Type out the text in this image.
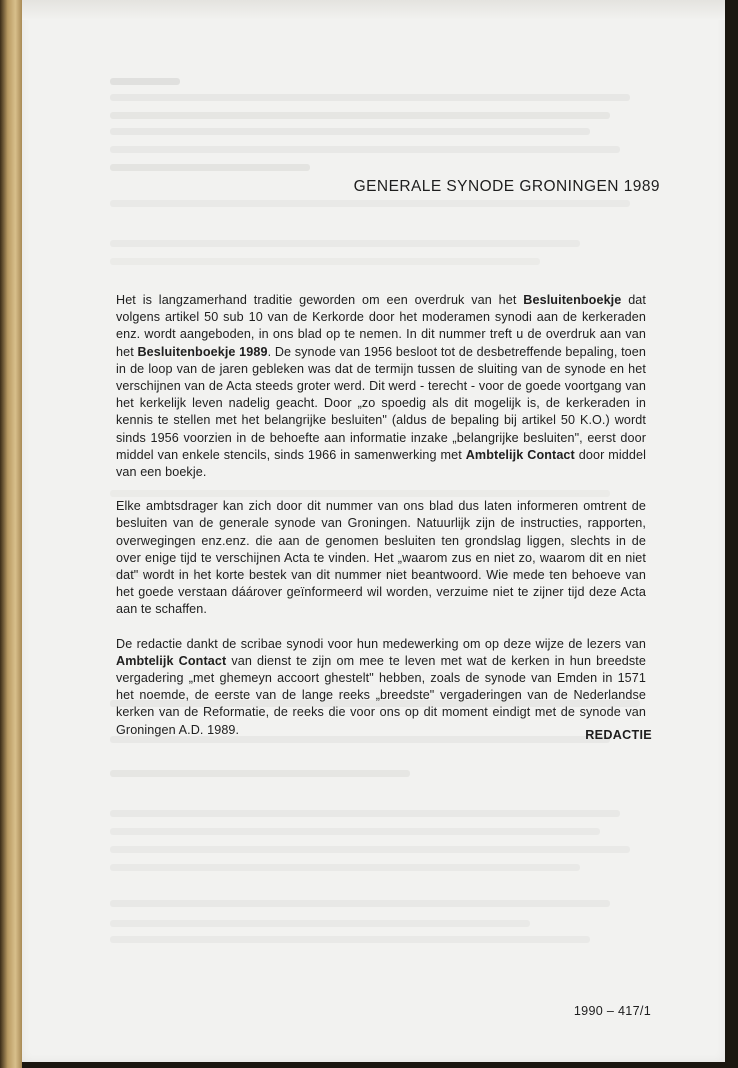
GENERALE SYNODE GRONINGEN 1989

Het is langzamerhand traditie geworden om een overdruk van het Besluitenboekje dat volgens artikel 50 sub 10 van de Kerkorde door het moderamen synodi aan de kerkeraden enz. wordt aangeboden, in ons blad op te nemen. In dit nummer treft u de overdruk aan van het Besluitenboekje 1989. De synode van 1956 besloot tot de desbetreffende bepaling, toen in de loop van de jaren gebleken was dat de termijn tussen de sluiting van de synode en het verschijnen van de Acta steeds groter werd. Dit werd - terecht - voor de goede voortgang van het kerkelijk leven nadelig geacht. Door „zo spoedig als dit mogelijk is, de kerkeraden in kennis te stellen met het belangrijke besluiten" (aldus de bepaling bij artikel 50 K.O.) wordt sinds 1956 voorzien in de behoefte aan informatie inzake „belangrijke besluiten", eerst door middel van enkele stencils, sinds 1966 in samenwerking met Ambtelijk Contact door middel van een boekje.

Elke ambtsdrager kan zich door dit nummer van ons blad dus laten informeren omtrent de besluiten van de generale synode van Groningen. Natuurlijk zijn de instructies, rapporten, overwegingen enz.enz. die aan de genomen besluiten ten grondslag liggen, slechts in de over enige tijd te verschijnen Acta te vinden. Het „waarom zus en niet zo, waarom dit en niet dat" wordt in het korte bestek van dit nummer niet beantwoord. Wie mede ten behoeve van het goede verstaan dáárover geïnformeerd wil worden, verzuime niet te zijner tijd deze Acta aan te schaffen.

De redactie dankt de scribae synodi voor hun medewerking om op deze wijze de lezers van Ambtelijk Contact van dienst te zijn om mee te leven met wat de kerken in hun breedste vergadering „met ghemeyn accoort ghestelt" hebben, zoals de synode van Emden in 1571 het noemde, de eerste van de lange reeks „breedste" vergaderingen van de Nederlandse kerken van de Reformatie, de reeks die voor ons op dit moment eindigt met de synode van Groningen A.D. 1989.	REDACTIE

1990 – 417/1
